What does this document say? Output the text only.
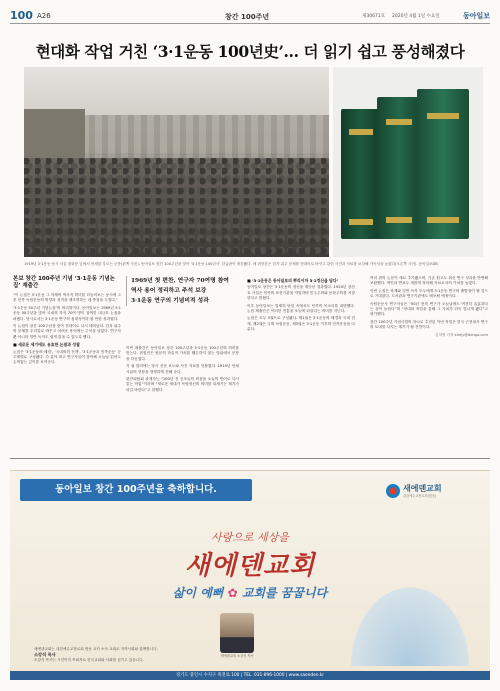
100 A26	창간 100주년	제30671호 2020년 4월 1일 수요일	동아일보
현대화 작업 거친 ‘3·1운동 100년史’… 더 읽기 쉽고 풍성해졌다
1919년 3·1운동 당시 서울 광화문 앞에서 만세를 부르는 군중(왼쪽 사진). 동아일보 창간 100주년을 맞아 ‘3·1운동 100년사’ 한글판이 출간됐다. 새 편찬본은 한자 위주 문체를 현대어로 바꾸고 관련 사진과 자료를 보강해 가독성을 높였다(오른쪽 사진). 동아일보DB
본보 창간 100주년 기념 ‘3·1운동 기념논집’ 재출간

“이 논집은 3·1운동 그 자체의 역사적 의미를 더듬어보는 동시에 그 후 민족 독립운동의 방향과 성격을 재조명하는 데 중점을 두었다.”

‘3·1운동 50주년 기념논집’의 머리말이다. 동아일보는 1969년 3·1운동 50주년을 맞아 국내외 학자 70여 명이 참여한 대규모 논집을 펴냈다. 당시로서는 3·1운동 연구의 집대성이라 할 만한 성과였다.

이 논집이 창간 100주년을 맞아 현대어로 다시 태어났다. 한자 위주의 문체를 우리말로 바꾸고 어려운 용어에는 주석을 달았다. 연구자뿐 아니라 일반 독자도 쉽게 읽을 수 있도록 했다.

■ 새로운 세기에도 유효한 논점과 성찰

논집은 ‘3·1운동의 배경’, ‘국내외의 전개’, ‘3·1운동과 민족운동’ 등 주제별로 구성됐다. 각 분야 최고 연구자들이 참여해 오늘날 읽어도 손색없는 깊이를 보여준다.

1969년 첫 편찬, 연구자 70여명 참여
역사 용어 정리하고 주석 보강
3·1운동 연구의 기념비적 성과

이번 재출간은 동아일보 창간 100주년과 3·1운동 100주년의 의미를 잇는다. 편집진은 원문의 학술적 가치를 훼손하지 않는 범위에서 문장을 다듬었다.

각 권 말미에는 당시 신문 보도와 사진 자료를 덧붙였다. 1919년 만세 시위의 현장을 생생하게 전해 준다.

편찬위원회 관계자는 “100년 전 선조들의 외침을 오늘의 언어로 다시 읽는 작업”이라며 “새로운 세대가 독립정신의 의미를 되새기는 계기가 되길 바란다”고 말했다.

■ ‘3·1운동은 동아일보의 뿌리이자 3·1정신을 담다’

동아일보 창간은 3·1운동의 정신을 계승한 결과였다. 1920년 창간호 사설은 민족의 표현기관을 자임하며 민주주의와 문화주의를 지향한다고 밝혔다.

이후 동아일보는 일제의 탄압 속에서도 민족의 목소리를 대변했다. 논집 재출간은 이러한 전통을 오늘에 되살리는 의미를 지닌다.

논집은 모두 3권으로 구성됐다. 제1권은 3·1운동의 배경과 국내 전개, 제2권은 국외 독립운동, 제3권은 3·1운동 이후의 민족운동을 다룬다.

여러 편의 논문이 새로 추가됐으며, 기존 원고도 최신 연구 성과를 반영해 보완했다. 색인과 연표도 새롭게 정리해 자료로서의 가치를 높였다.

이번 논집은 학계와 일반 독자 모두에게 3·1운동 연구의 출발점이 될 것으로 기대된다. 도서관과 연구기관에도 배포될 예정이다.

독립운동사 연구자들은 “50년 전의 연구가 오늘날에도 여전히 유효하다는 점이 놀랍다”며 “현대화 작업을 통해 그 가치가 더욱 빛나게 됐다”고 평가했다.

창간 100주년 기념사업의 하나로 추진된 이번 작업은 한국 근현대사 연구의 토대를 다지는 계기가 될 전망이다.

김지영 기자 kimjy@donga.com
동아일보 창간 100주년을 축하합니다.	새에덴교회
대한예수교장로회(합동)
사랑으로 세상을
새에덴교회
삶이 예뻐 ✿ 교회를 꿈꿉니다
새에덴교회 소강석 목사
새에덴교회는 대한예수교장로회 합동 교단 소속 교회로 지역사회와 함께합니다.
소강석 목사
소강석 목사는 시인이자 목회자로 한국교회와 사회를 섬기고 있습니다.
경기도 용인시 수지구 죽전로 100 | TEL. 031-896-1000 | www.saeeden.kr
